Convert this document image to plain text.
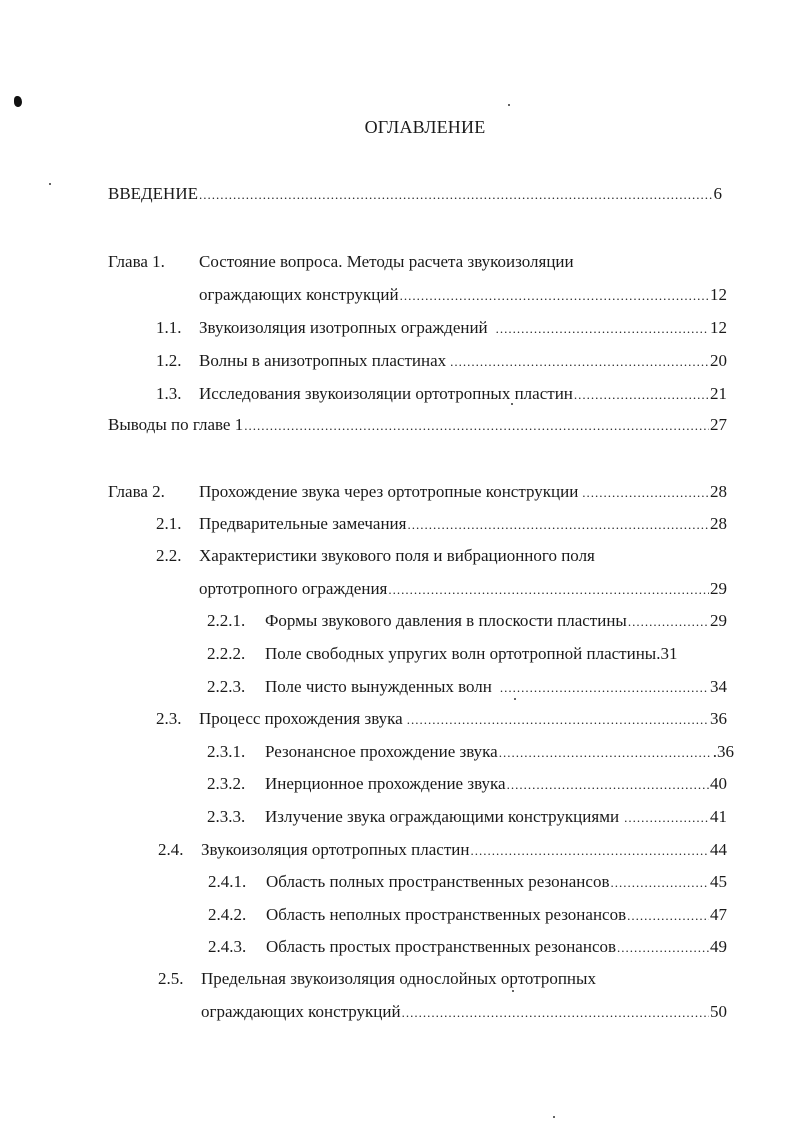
ОГЛАВЛЕНИЕ
ВВЕДЕНИЕ .....	6
Глава 1. Состояние вопроса. Методы расчета звукоизоляции
ограждающих конструкций .....	12
1.1. Звукоизоляция изотропных ограждений .....	12
1.2. Волны в анизотропных пластинах .....	20
1.3. Исследования звукоизоляции ортотропных пластин .....	21
Выводы по главе 1 .....	27
Глава 2. Прохождение звука через ортотропные конструкции .....	28
2.1. Предварительные замечания .....	28
2.2. Характеристики звукового поля и вибрационного поля
ортотропного ограждения .....	29
2.2.1. Формы звукового давления в плоскости пластины .....	29
2.2.2. Поле свободных упругих волн ортотропной пластины. 31
2.2.3. Поле чисто вынужденных волн .....	34
2.3. Процесс прохождения звука .....	36
2.3.1. Резонансное прохождение звука .....	.36
2.3.2. Инерционное прохождение звука .....	40
2.3.3. Излучение звука ограждающими конструкциями .....	41
2.4. Звукоизоляция ортотропных пластин .....	44
2.4.1. Область полных пространственных резонансов .....	45
2.4.2. Область неполных пространственных резонансов .....	47
2.4.3. Область простых пространственных резонансов .....	49
2.5. Предельная звукоизоляция однослойных ортотропных
ограждающих конструкций .....	50
